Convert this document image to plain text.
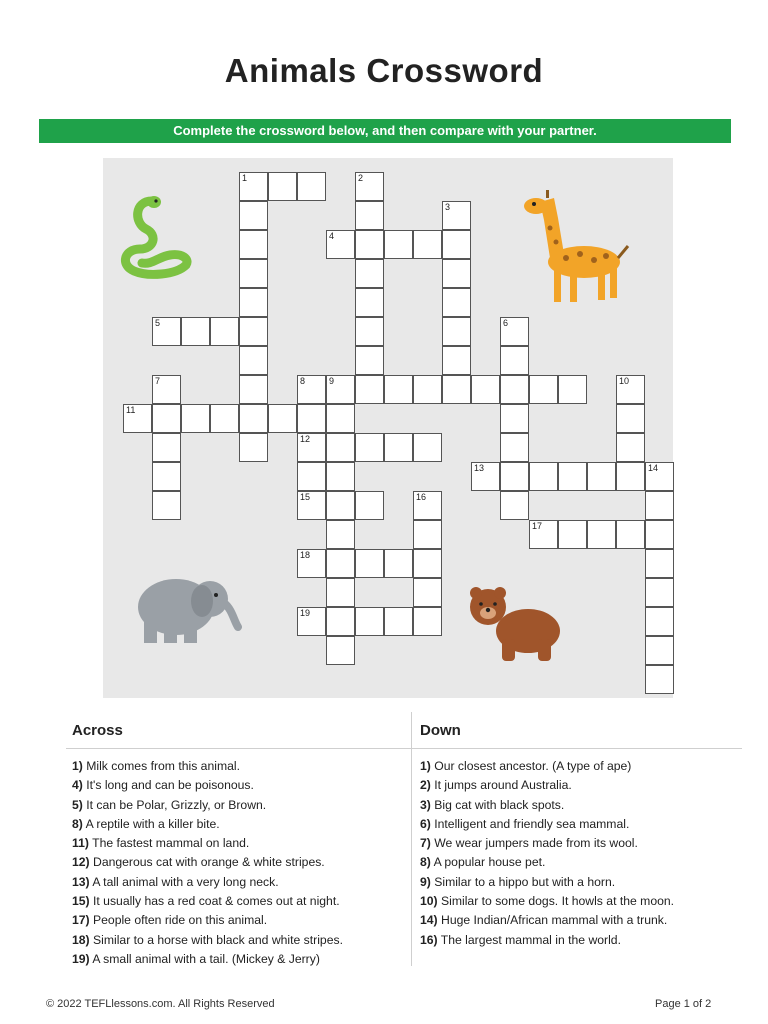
Animals Crossword
Complete the crossword below, and then compare with your partner.
1	2
3
4
5	6
7	8	9	10
11
12
13	14
15	16
17
18
19
Across	Down
1) Milk comes from this animal.
4) It's long and can be poisonous.
5) It can be Polar, Grizzly, or Brown.
8) A reptile with a killer bite.
11) The fastest mammal on land.
12) Dangerous cat with orange & white stripes.
13) A tall animal with a very long neck.
15) It usually has a red coat & comes out at night.
17) People often ride on this animal.
18) Similar to a horse with black and white stripes.
19) A small animal with a tail. (Mickey & Jerry)
1) Our closest ancestor. (A type of ape)
2) It jumps around Australia.
3) Big cat with black spots.
6) Intelligent and friendly sea mammal.
7) We wear jumpers made from its wool.
8) A popular house pet.
9) Similar to a hippo but with a horn.
10) Similar to some dogs. It howls at the moon.
14) Huge Indian/African mammal with a trunk.
16) The largest mammal in the world.
© 2022 TEFLlessons.com. All Rights Reserved	Page 1 of 2
